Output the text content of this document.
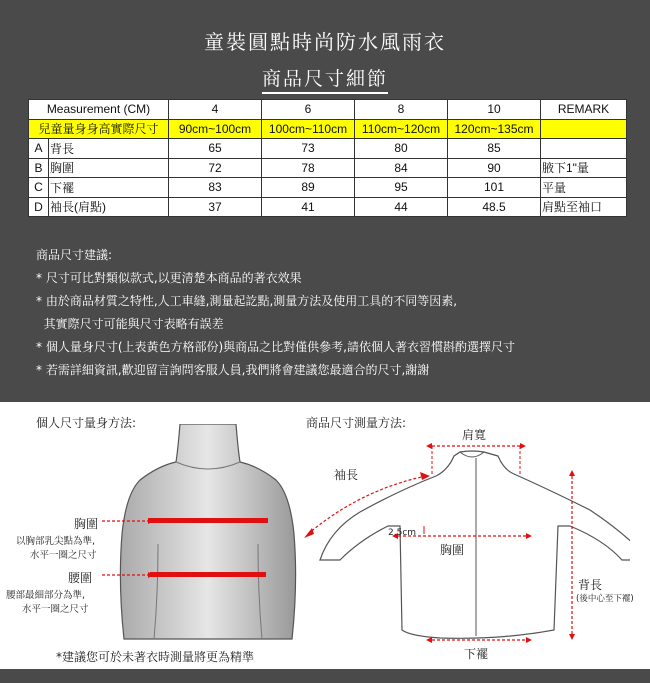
童裝圓點時尚防水風雨衣
商品尺寸細節
Measurement (CM)		4	6	8	10	REMARK
兒童量身身高實際尺寸		90cm~100cm	100cm~110cm	110cm~120cm	120cm~135cm	
A	背長	65	73	80	85	
B	胸圍	72	78	84	90	腋下1"量
C	下襬	83	89	95	101	平量
D	袖長(肩點)	37	41	44	48.5	肩點至袖口
商品尺寸建議:
* 尺寸可比對類似款式,以更清楚本商品的著衣效果
* 由於商品材質之特性,人工車縫,測量起訖點,測量方法及使用工具的不同等因素,
其實際尺寸可能與尺寸表略有誤差
* 個人量身尺寸(上表黃色方格部份)與商品之比對僅供參考,請依個人著衣習慣斟酌選擇尺寸
* 若需詳細資訊,歡迎留言詢問客服人員,我們將會建議您最適合的尺寸,謝謝
個人尺寸量身方法:
胸圍
以胸部乳尖點為準,
水平一圈之尺寸
腰圍
腰部最細部分為準,
水平一圈之尺寸
*建議您可於未著衣時測量將更為精準
商品尺寸測量方法:
肩寬
袖長
2.5cm
胸圍
背長
(後中心至下襬)
下襬
